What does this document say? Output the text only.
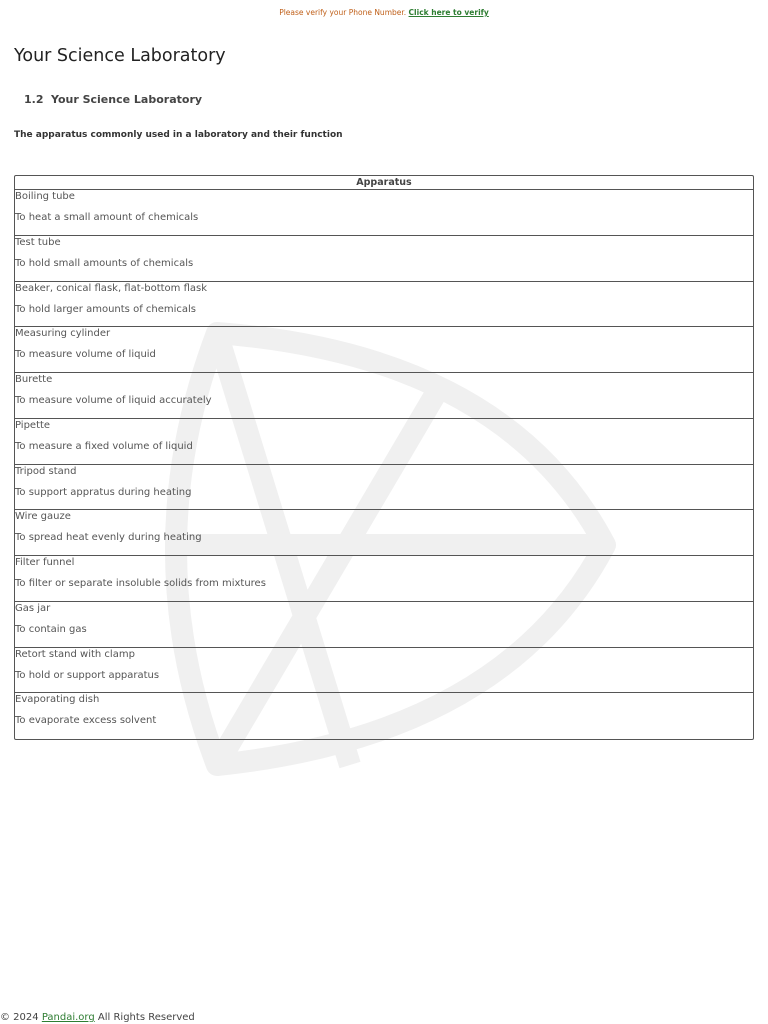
Please verify your Phone Number. Click here to verify
Your Science Laboratory
1.2 Your Science Laboratory
The apparatus commonly used in a laboratory and their function
Apparatus
Boiling tube
To heat a small amount of chemicals
Test tube
To hold small amounts of chemicals
Beaker, conical flask, flat-bottom flask
To hold larger amounts of chemicals
Measuring cylinder
To measure volume of liquid
Burette
To measure volume of liquid accurately
Pipette
To measure a fixed volume of liquid
Tripod stand
To support appratus during heating
Wire gauze
To spread heat evenly during heating
Filter funnel
To filter or separate insoluble solids from mixtures
Gas jar
To contain gas
Retort stand with clamp
To hold or support apparatus
Evaporating dish
To evaporate excess solvent
© 2024 Pandai.org All Rights Reserved
